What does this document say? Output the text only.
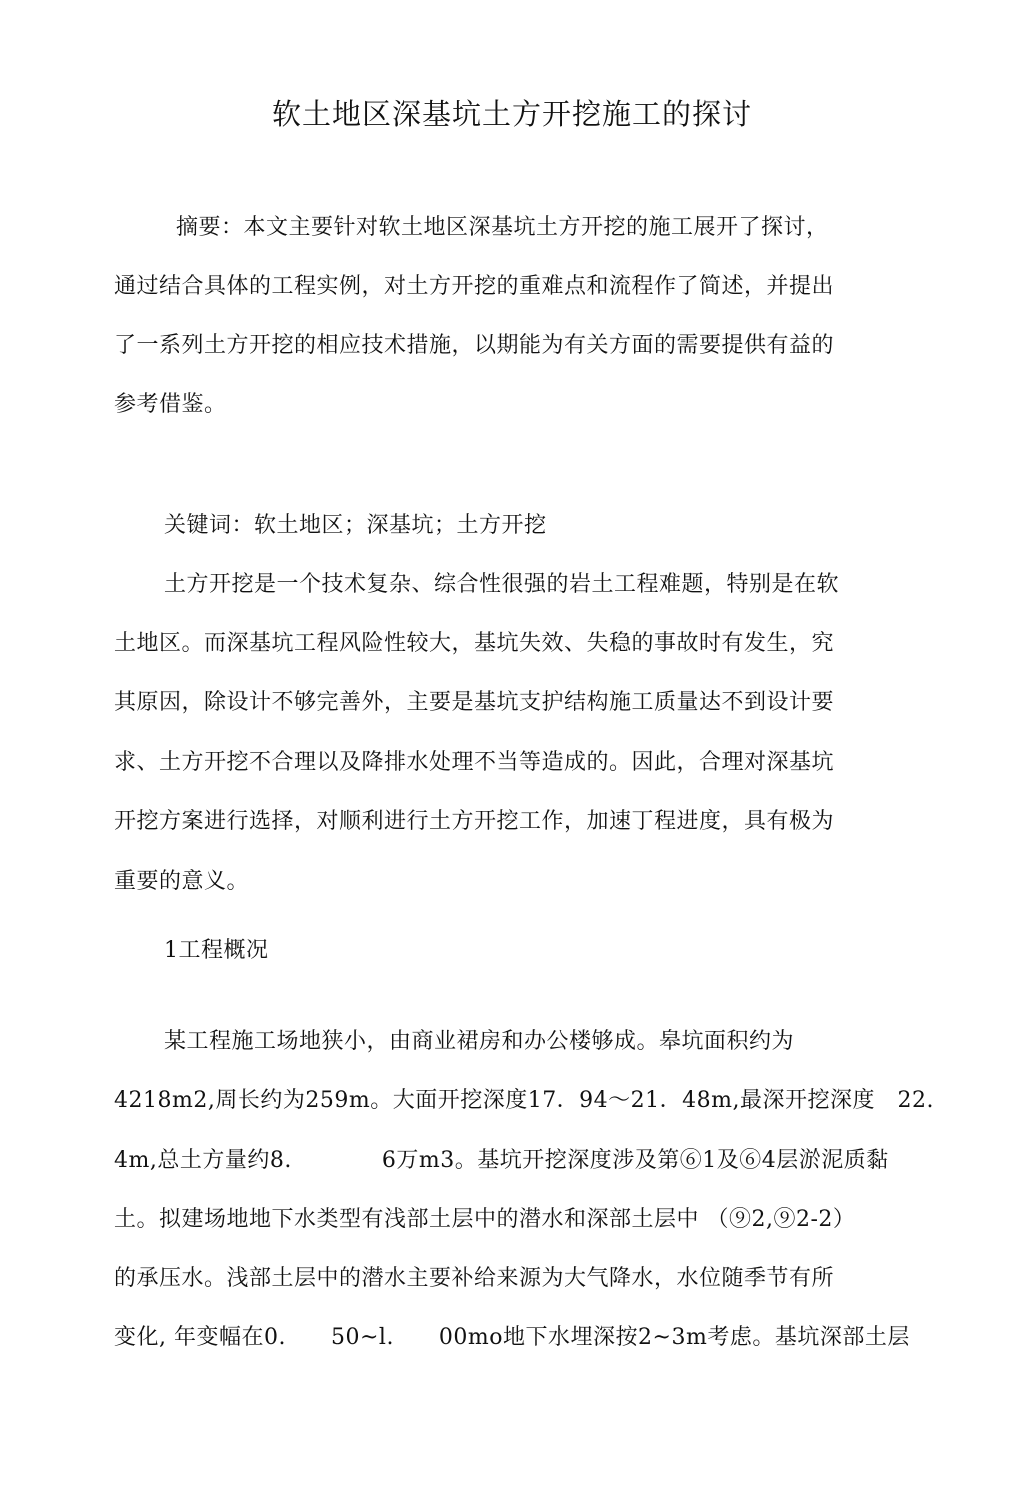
软土地区深基坑土方开挖施工的探讨
摘要：本文主要针对软土地区深基坑土方开挖的施工展开了探讨，
通过结合具体的工程实例，对土方开挖的重难点和流程作了简述，并提出
了一系列土方开挖的相应技术措施，以期能为有关方面的需要提供有益的
参考借鉴。
关键词：软土地区；深基坑；土方开挖
土方开挖是一个技术复杂、综合性很强的岩土工程难题，特别是在软
土地区。而深基坑工程风险性较大，基坑失效、失稳的事故时有发生，究
其原因，除设计不够完善外，主要是基坑支护结构施工质量达不到设计要
求、土方开挖不合理以及降排水处理不当等造成的。因此，合理对深基坑
开挖方案进行选择，对顺利进行土方开挖工作，加速丁程进度，具有极为
重要的意义。
1工程概况
某工程施工场地狭小，由商业裙房和办公楼够成。皋坑面积约为
4218m2,周长约为259m。大面开挖深度17．94～21．48m,最深开挖深度　22.
4m,总土方量约8.　　　　6万m3。基坑开挖深度涉及第⑥1及⑥4层淤泥质黏
土。拟建场地地下水类型有浅部土层中的潜水和深部土层中 （⑨2,⑨2-2）
的承压水。浅部土层中的潜水主要补给来源为大气降水，水位随季节有所
变化, 年变幅在0.　　50~l.　　00mo地下水埋深按2~3m考虑。基坑深部土层
